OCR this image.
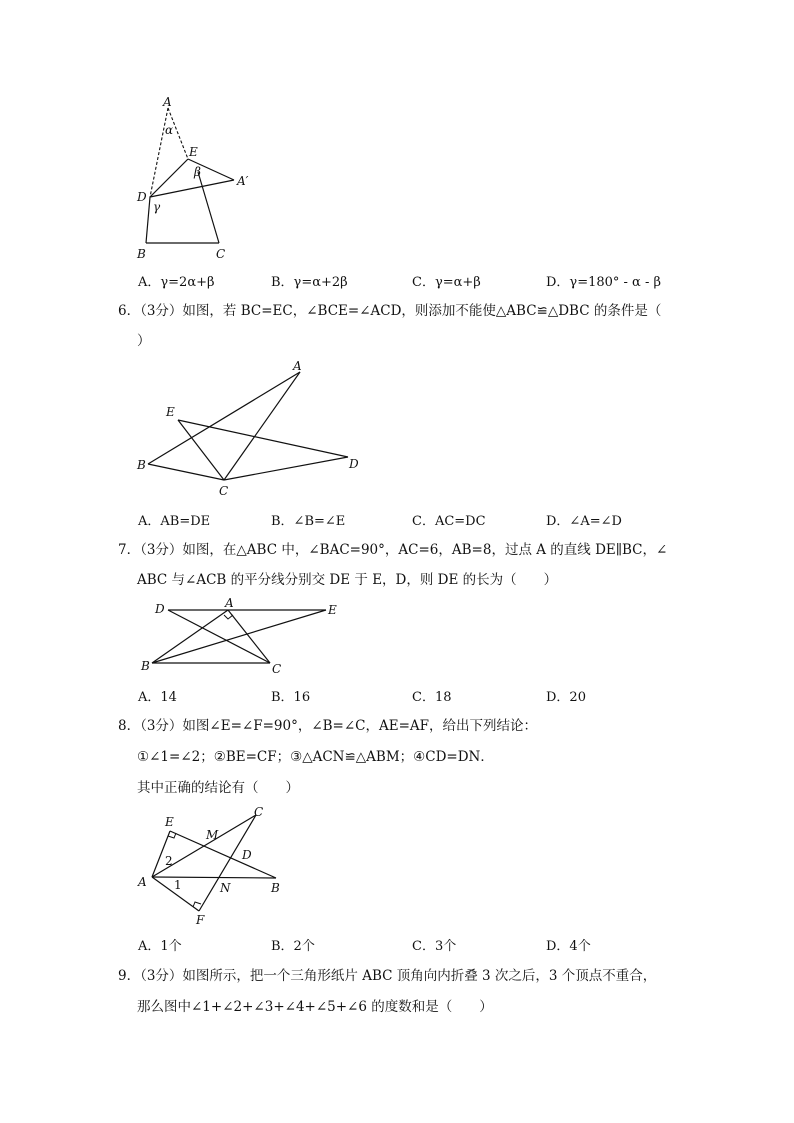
A
α
E
β
A′
D
γ
B	C
A．γ=2α+β	B．γ=α+2β	C．γ=α+β	D．γ=180° - α - β
6．（3分）如图，若 BC=EC，∠BCE=∠ACD，则添加不能使△ABC≌△DBC 的条件是（
）
A
E
B
C
D
A．AB=DE	B．∠B=∠E	C．AC=DC	D．∠A=∠D
7．（3分）如图，在△ABC 中，∠BAC=90°，AC=6，AB=8，过点 A 的直线 DE∥BC，∠
ABC 与∠ACB 的平分线分别交 DE 于 E，D，则 DE 的长为（　　）
D	A	E
B	C
A．14	B．16	C．18	D．20
8．（3分）如图∠E=∠F=90°，∠B=∠C，AE=AF，给出下列结论：
①∠1=∠2；②BE=CF；③△ACN≌△ABM；④CD=DN．
其中正确的结论有（　　）
E
M
C
2	D
A 1	N	B
F
A．1个	B．2个	C．3个	D．4个
9．（3分）如图所示，把一个三角形纸片 ABC 顶角向内折叠 3 次之后，3 个顶点不重合，
那么图中∠1+∠2+∠3+∠4+∠5+∠6 的度数和是（　　）
